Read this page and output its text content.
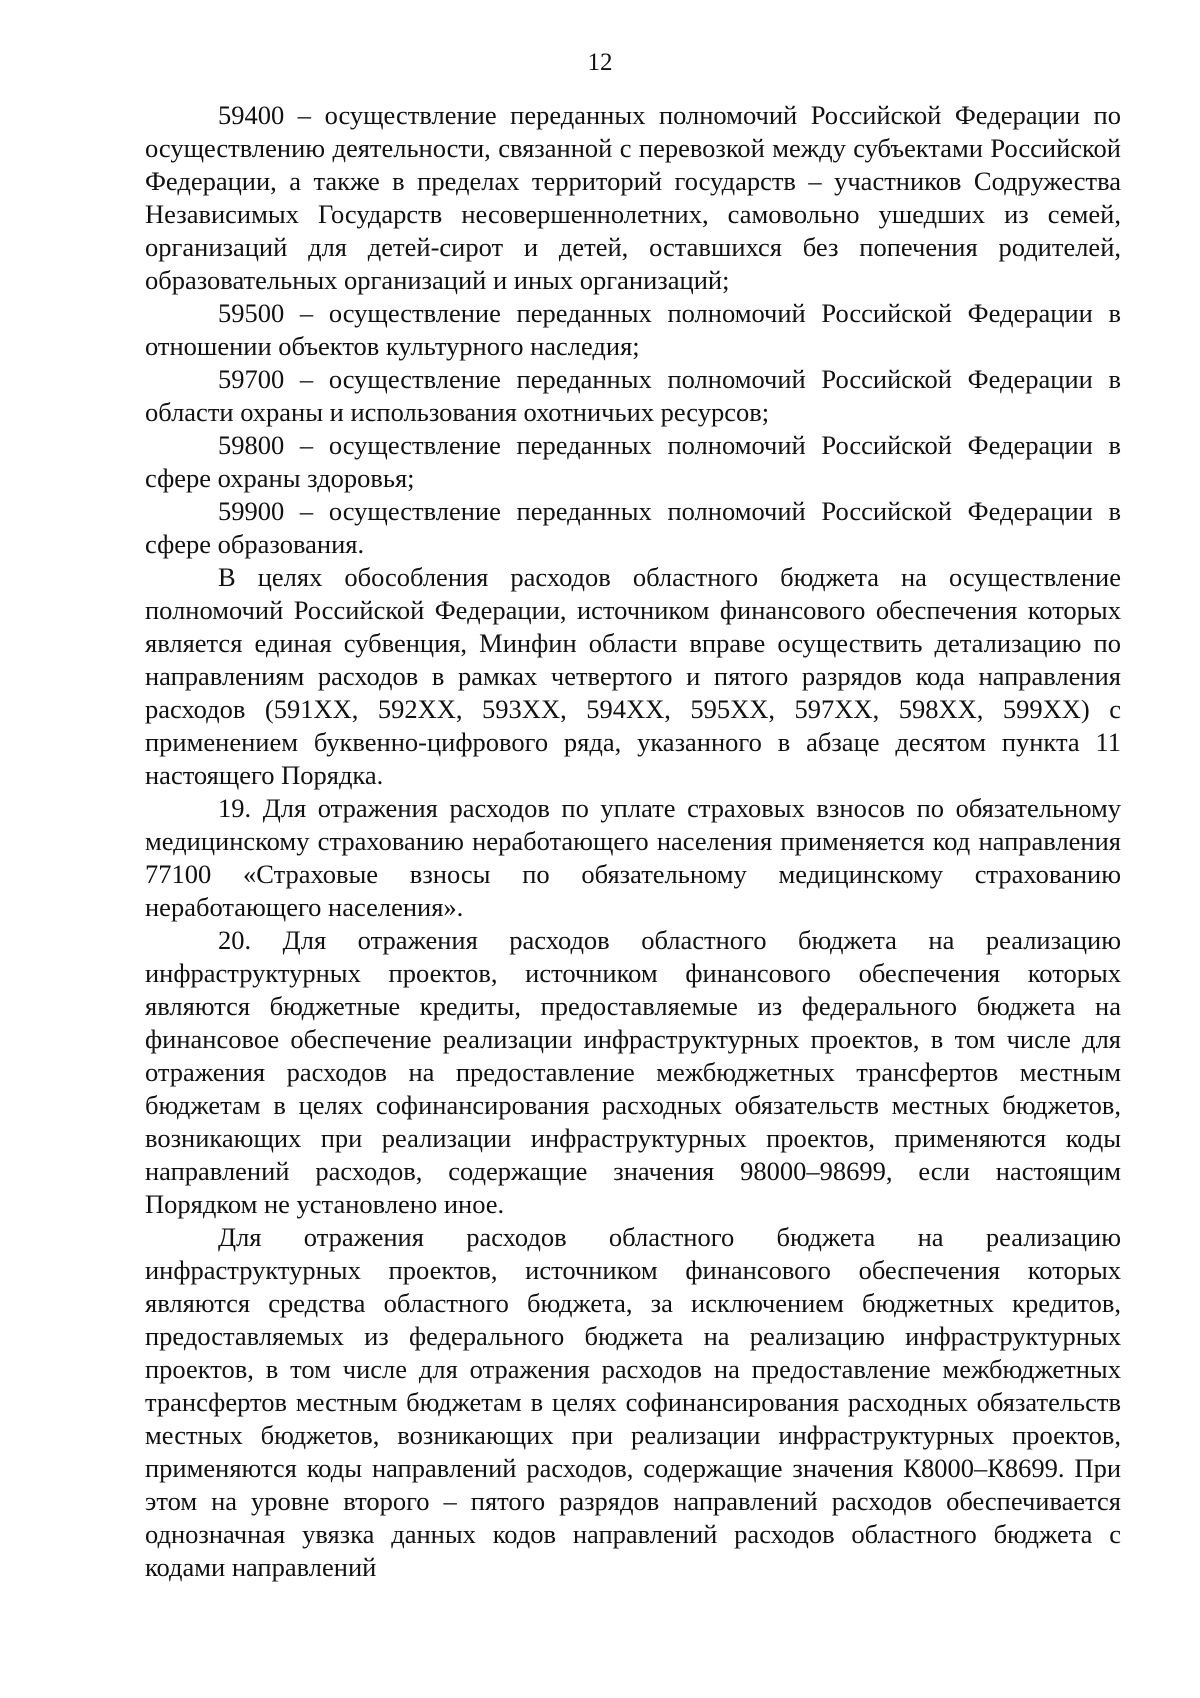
12

59400 – осуществление переданных полномочий Российской Федерации по осуществлению деятельности, связанной с перевозкой между субъектами Российской Федерации, а также в пределах территорий государств – участников Содружества Независимых Государств несовершеннолетних, самовольно ушедших из семей, организаций для детей-сирот и детей, оставшихся без попечения родителей, образовательных организаций и иных организаций;

59500 – осуществление переданных полномочий Российской Федерации в отношении объектов культурного наследия;

59700 – осуществление переданных полномочий Российской Федерации в области охраны и использования охотничьих ресурсов;

59800 – осуществление переданных полномочий Российской Федерации в сфере охраны здоровья;

59900 – осуществление переданных полномочий Российской Федерации в сфере образования.

В целях обособления расходов областного бюджета на осуществление полномочий Российской Федерации, источником финансового обеспечения которых является единая субвенция, Минфин области вправе осуществить детализацию по направлениям расходов в рамках четвертого и пятого разрядов кода направления расходов (591XX, 592XX, 593XX, 594XX, 595XX, 597XX, 598XX, 599XX) с применением буквенно-цифрового ряда, указанного в абзаце десятом пункта 11 настоящего Порядка.

19. Для отражения расходов по уплате страховых взносов по обязательному медицинскому страхованию неработающего населения применяется код направления 77100 «Страховые взносы по обязательному медицинскому страхованию неработающего населения».

20. Для отражения расходов областного бюджета на реализацию инфраструктурных проектов, источником финансового обеспечения которых являются бюджетные кредиты, предоставляемые из федерального бюджета на финансовое обеспечение реализации инфраструктурных проектов, в том числе для отражения расходов на предоставление межбюджетных трансфертов местным бюджетам в целях софинансирования расходных обязательств местных бюджетов, возникающих при реализации инфраструктурных проектов, применяются коды направлений расходов, содержащие значения 98000–98699, если настоящим Порядком не установлено иное.

Для отражения расходов областного бюджета на реализацию инфраструктурных проектов, источником финансового обеспечения которых являются средства областного бюджета, за исключением бюджетных кредитов, предоставляемых из федерального бюджета на реализацию инфраструктурных проектов, в том числе для отражения расходов на предоставление межбюджетных трансфертов местным бюджетам в целях софинансирования расходных обязательств местных бюджетов, возникающих при реализации инфраструктурных проектов, применяются коды направлений расходов, содержащие значения К8000–К8699. При этом на уровне второго – пятого разрядов направлений расходов обеспечивается однозначная увязка данных кодов направлений расходов областного бюджета с кодами направлений
